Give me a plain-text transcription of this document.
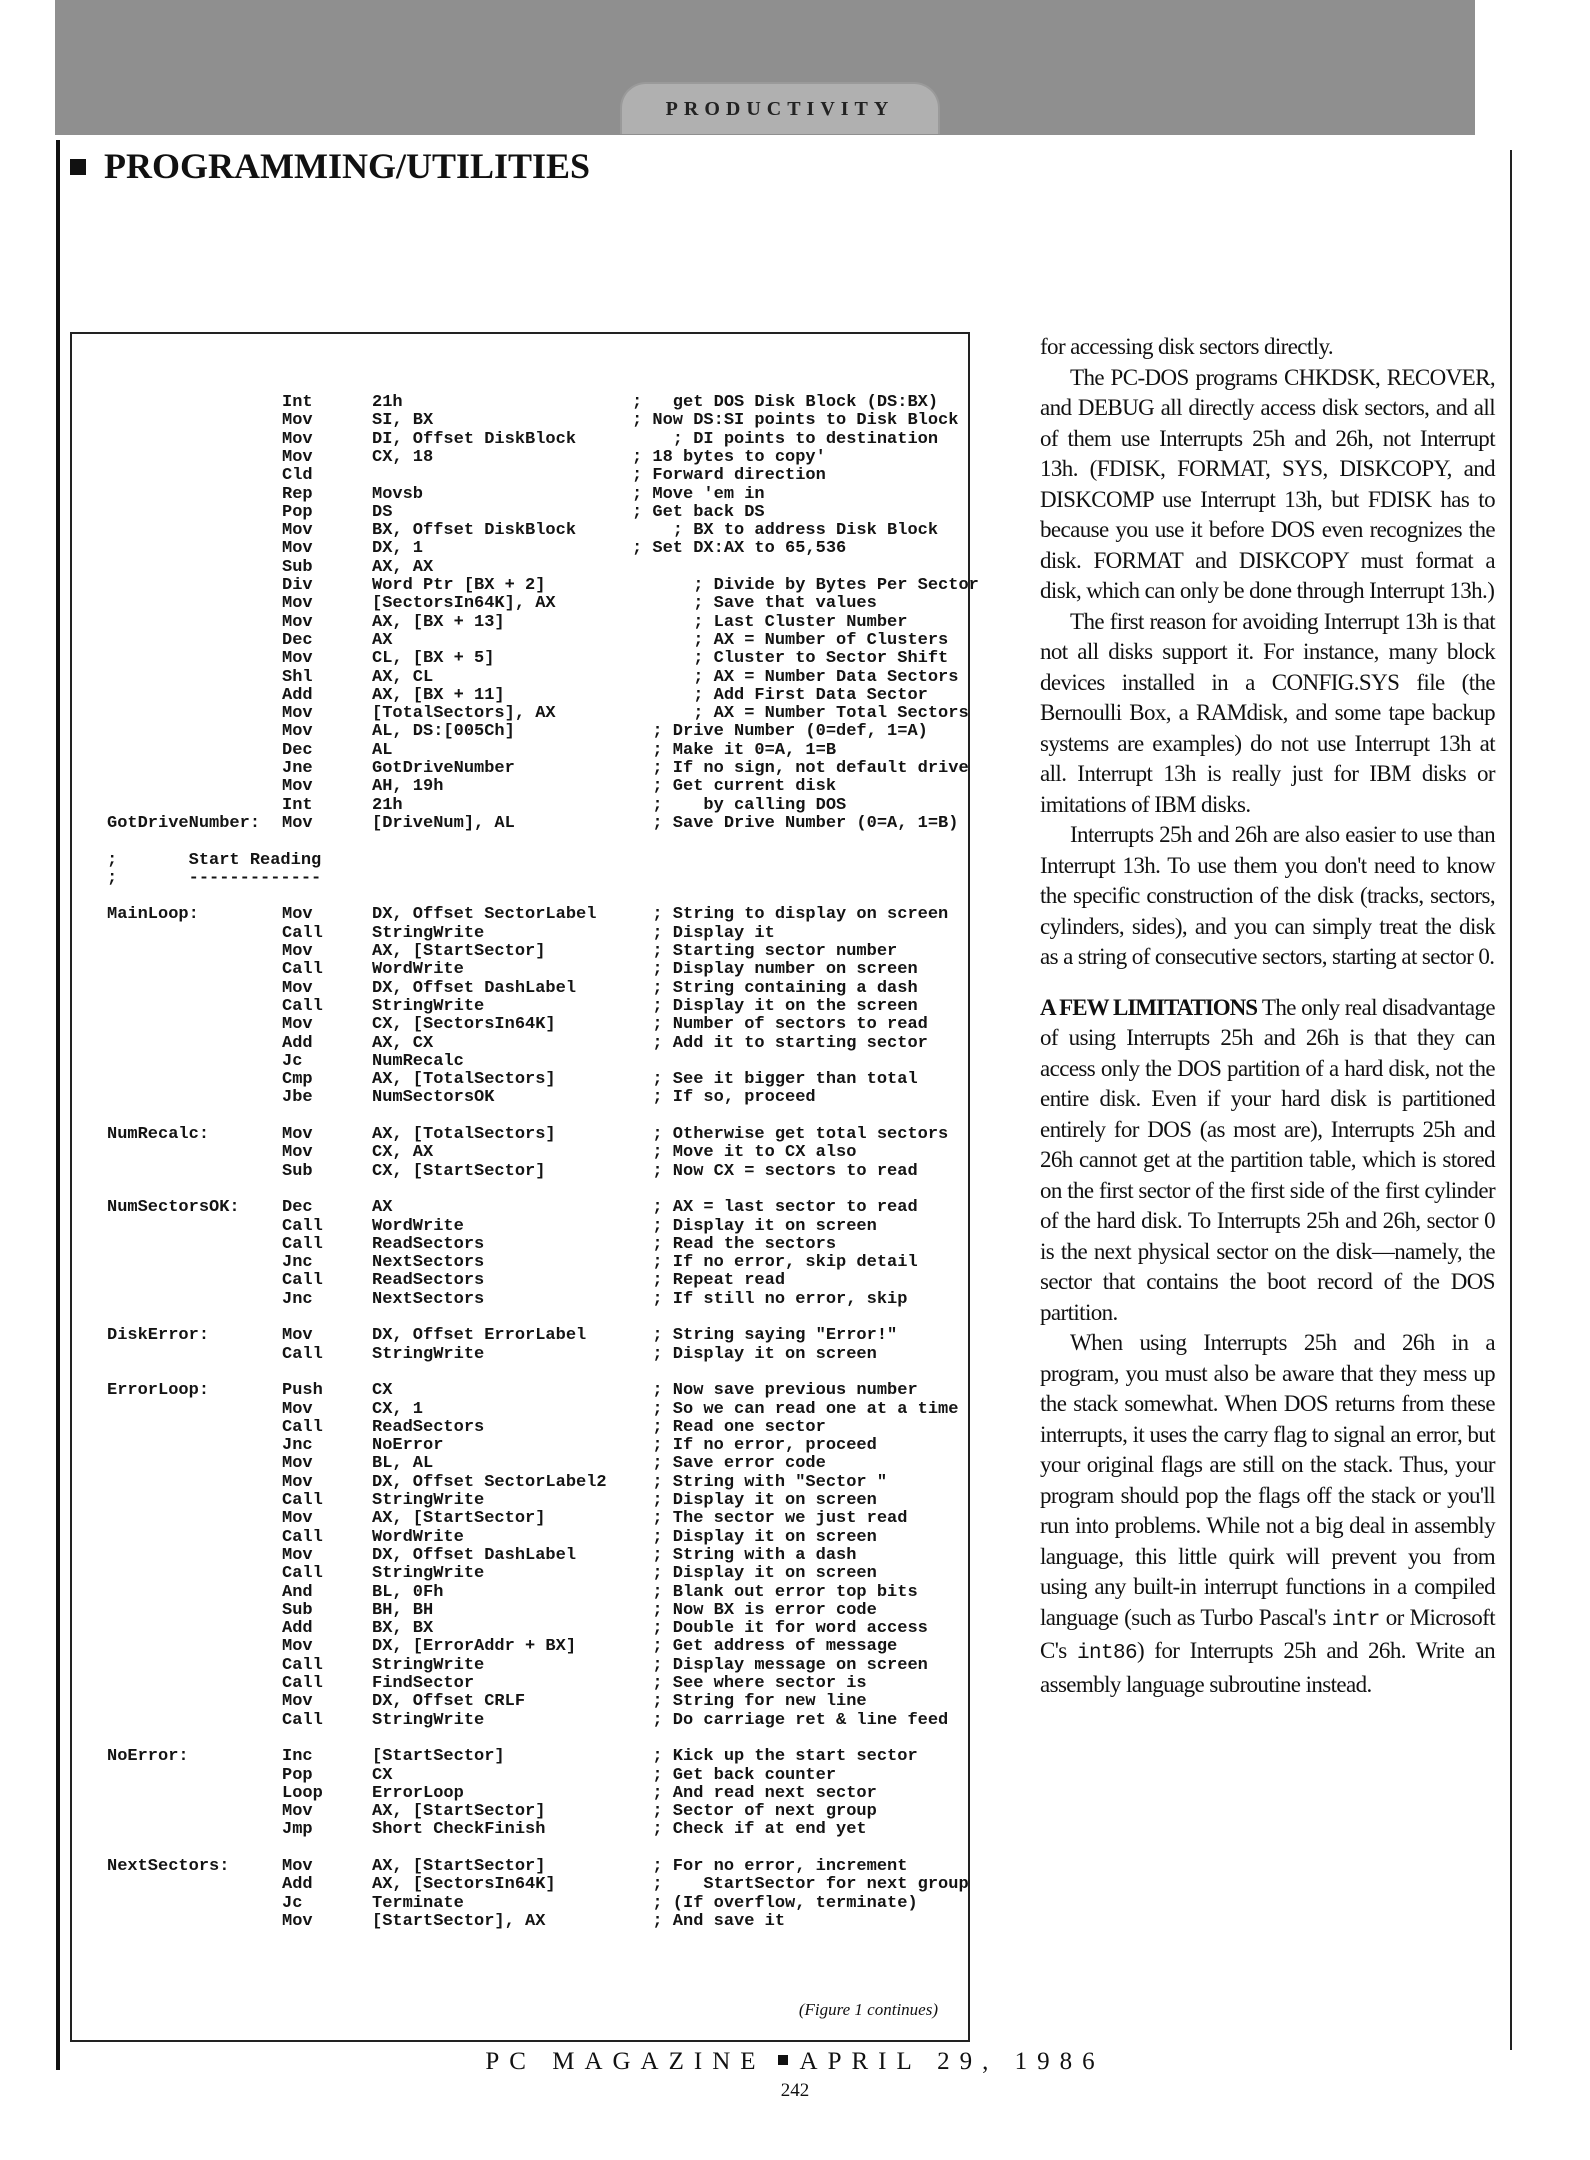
PRODUCTIVITY
PROGRAMMING/UTILITIES
(Figure 1 continues)
Int	21h	;   get DOS Disk Block (DS:BX)
Mov	SI, BX	; Now DS:SI points to Disk Block
Mov	DI, Offset DiskBlock	; DI points to destination
Mov	CX, 18	; 18 bytes to copy'
Cld	; Forward direction
Rep	Movsb	; Move 'em in
Pop	DS	; Get back DS
Mov	BX, Offset DiskBlock	; BX to address Disk Block
Mov	DX, 1	; Set DX:AX to 65,536
Sub	AX, AX
Div	Word Ptr [BX + 2]	; Divide by Bytes Per Sector
Mov	[SectorsIn64K], AX	; Save that values
Mov	AX, [BX + 13]	; Last Cluster Number
Dec	AX	; AX = Number of Clusters
Mov	CL, [BX + 5]	; Cluster to Sector Shift
Shl	AX, CL	; AX = Number Data Sectors
Add	AX, [BX + 11]	; Add First Data Sector
Mov	[TotalSectors], AX	; AX = Number Total Sectors
Mov	AL, DS:[005Ch]	; Drive Number (0=def, 1=A)
Dec	AL	; Make it 0=A, 1=B
Jne	GotDriveNumber	; If no sign, not default drive
Mov	AH, 19h	; Get current disk
Int	21h	;    by calling DOS
GotDriveNumber: Mov	[DriveNum], AL	; Save Drive Number (0=A, 1=B)
;       Start Reading
;       -------------
MainLoop:	Mov	DX, Offset SectorLabel ; String to display on screen
Call	StringWrite	; Display it
Mov	AX, [StartSector]	; Starting sector number
Call	WordWrite	; Display number on screen
Mov	DX, Offset DashLabel	; String containing a dash
Call	StringWrite	; Display it on the screen
Mov	CX, [SectorsIn64K]	; Number of sectors to read
Add	AX, CX	; Add it to starting sector
Jc	NumRecalc
Cmp	AX, [TotalSectors]	; See it bigger than total
Jbe	NumSectorsOK	; If so, proceed
NumRecalc:	Mov	AX, [TotalSectors]	; Otherwise get total sectors
Mov	CX, AX	; Move it to CX also
Sub	CX, [StartSector]	; Now CX = sectors to read
NumSectorsOK: Dec	AX	; AX = last sector to read
Call	WordWrite	; Display it on screen
Call	ReadSectors	; Read the sectors
Jnc	NextSectors	; If no error, skip detail
Call	ReadSectors	; Repeat read
Jnc	NextSectors	; If still no error, skip
DiskError:	Mov	DX, Offset ErrorLabel	; String saying "Error!"
Call	StringWrite	; Display it on screen
ErrorLoop:	Push	CX	; Now save previous number
Mov	CX, 1	; So we can read one at a time
Call	ReadSectors	; Read one sector
Jnc	NoError	; If no error, proceed
Mov	BL, AL	; Save error code
Mov	DX, Offset SectorLabel2 ; String with "Sector "
Call	StringWrite	; Display it on screen
Mov	AX, [StartSector]	; The sector we just read
Call	WordWrite	; Display it on screen
Mov	DX, Offset DashLabel	; String with a dash
Call	StringWrite	; Display it on screen
And	BL, 0Fh	; Blank out error top bits
Sub	BH, BH	; Now BX is error code
Add	BX, BX	; Double it for word access
Mov	DX, [ErrorAddr + BX]	; Get address of message
Call	StringWrite	; Display message on screen
Call	FindSector	; See where sector is
Mov	DX, Offset CRLF	; String for new line
Call	StringWrite	; Do carriage ret & line feed
NoError:	Inc	[StartSector]	; Kick up the start sector
Pop	CX	; Get back counter
Loop	ErrorLoop	; And read next sector
Mov	AX, [StartSector]	; Sector of next group
Jmp	Short CheckFinish	; Check if at end yet
NextSectors:	Mov	AX, [StartSector]	; For no error, increment
Add	AX, [SectorsIn64K]	;    StartSector for next group
Jc	Terminate	; (If overflow, terminate)
Mov	[StartSector], AX	; And save it

for accessing disk sectors directly.

The PC-DOS programs CHKDSK, RECOVER, and DEBUG all directly access disk sectors, and all of them use Interrupts 25h and 26h, not Interrupt 13h. (FDISK, FORMAT, SYS, DISKCOPY, and DISKCOMP use Interrupt 13h, but FDISK has to because you use it before DOS even recognizes the disk. FORMAT and DISKCOPY must format a disk, which can only be done through Interrupt 13h.)

The first reason for avoiding Interrupt 13h is that not all disks support it. For instance, many block devices installed in a CONFIG.SYS file (the Bernoulli Box, a RAMdisk, and some tape backup systems are examples) do not use Interrupt 13h at all. Interrupt 13h is really just for IBM disks or imitations of IBM disks.

Interrupts 25h and 26h are also easier to use than Interrupt 13h. To use them you don't need to know the specific construction of the disk (tracks, sectors, cylinders, sides), and you can simply treat the disk as a string of consecutive sectors, starting at sector 0.

A FEW LIMITATIONS The only real disadvantage of using Interrupts 25h and 26h is that they can access only the DOS partition of a hard disk, not the entire disk. Even if your hard disk is partitioned entirely for DOS (as most are), Interrupts 25h and 26h cannot get at the partition table, which is stored on the first sector of the first side of the first cylinder of the hard disk. To Interrupts 25h and 26h, sector 0 is the next physical sector on the disk—namely, the sector that contains the boot record of the DOS partition.

When using Interrupts 25h and 26h in a program, you must also be aware that they mess up the stack somewhat. When DOS returns from these interrupts, it uses the carry flag to signal an error, but your original flags are still on the stack. Thus, your program should pop the flags off the stack or you'll run into problems. While not a big deal in assembly language, this little quirk will prevent you from using any built-in interrupt functions in a compiled language (such as Turbo Pascal's intr or Microsoft C's int86) for Interrupts 25h and 26h. Write an assembly language subroutine instead.

PC MAGAZINE APRIL 29, 1986
242
